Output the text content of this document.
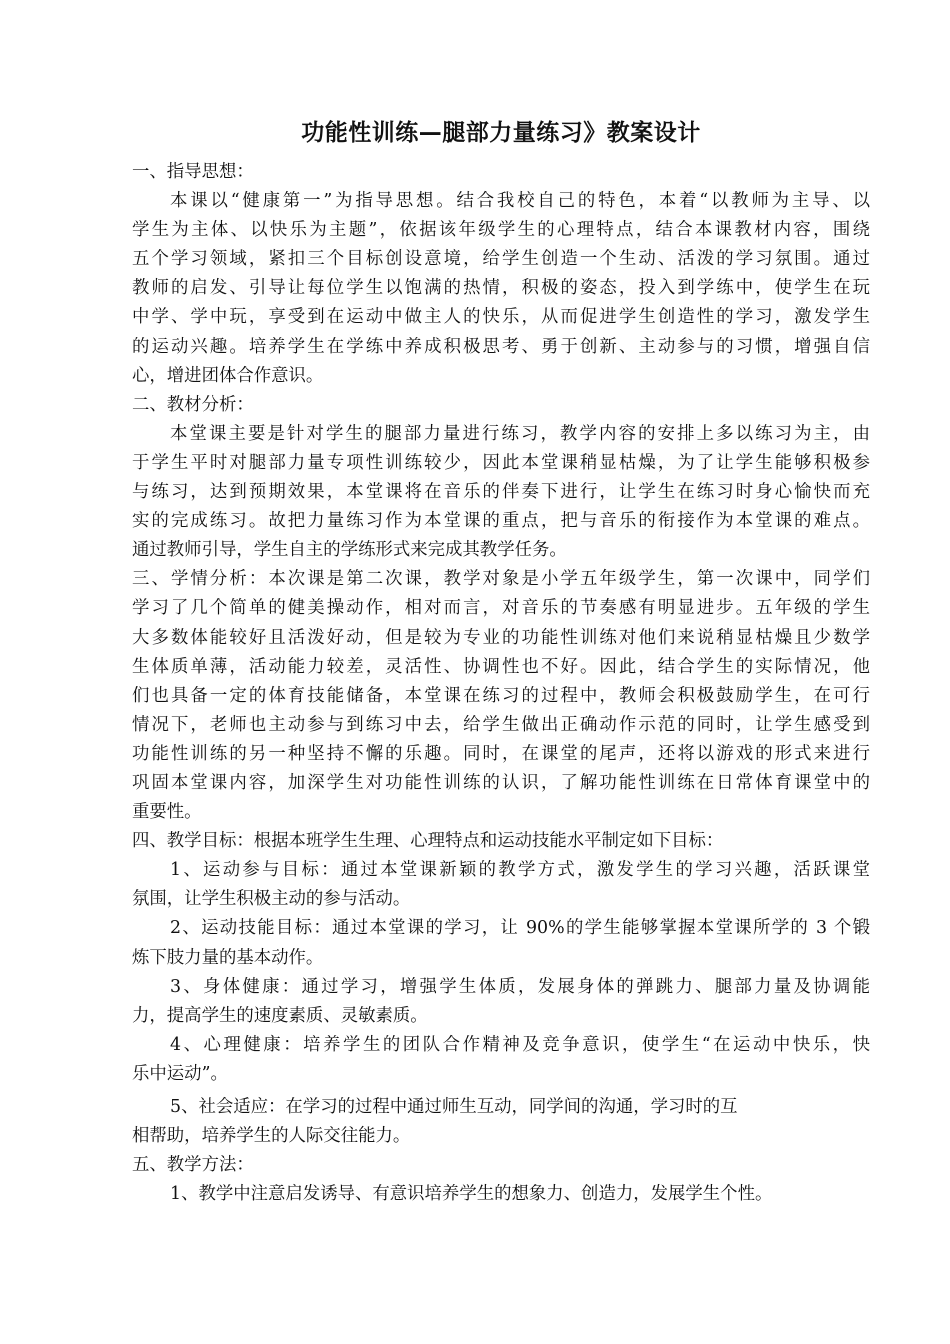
功能性训练—腿部力量练习》教案设计

一、指导思想：

本课以“健康第一”为指导思想。结合我校自己的特色，本着“以教师为主导、以

学生为主体、以快乐为主题”，依据该年级学生的心理特点，结合本课教材内容，围绕

五个学习领域，紧扣三个目标创设意境，给学生创造一个生动、活泼的学习氛围。通过

教师的启发、引导让每位学生以饱满的热情，积极的姿态，投入到学练中，使学生在玩

中学、学中玩，享受到在运动中做主人的快乐，从而促进学生创造性的学习，激发学生

的运动兴趣。培养学生在学练中养成积极思考、勇于创新、主动参与的习惯，增强自信

心，增进团体合作意识。

二、教材分析：

本堂课主要是针对学生的腿部力量进行练习，教学内容的安排上多以练习为主，由

于学生平时对腿部力量专项性训练较少，因此本堂课稍显枯燥，为了让学生能够积极参

与练习，达到预期效果，本堂课将在音乐的伴奏下进行，让学生在练习时身心愉快而充

实的完成练习。故把力量练习作为本堂课的重点，把与音乐的衔接作为本堂课的难点。

通过教师引导，学生自主的学练形式来完成其教学任务。

三、学情分析：本次课是第二次课，教学对象是小学五年级学生，第一次课中，同学们

学习了几个简单的健美操动作，相对而言，对音乐的节奏感有明显进步。五年级的学生

大多数体能较好且活泼好动，但是较为专业的功能性训练对他们来说稍显枯燥且少数学

生体质单薄，活动能力较差，灵活性、协调性也不好。因此，结合学生的实际情况，他

们也具备一定的体育技能储备，本堂课在练习的过程中，教师会积极鼓励学生，在可行

情况下，老师也主动参与到练习中去，给学生做出正确动作示范的同时，让学生感受到

功能性训练的另一种坚持不懈的乐趣。同时，在课堂的尾声，还将以游戏的形式来进行

巩固本堂课内容，加深学生对功能性训练的认识，了解功能性训练在日常体育课堂中的

重要性。

四、教学目标：根据本班学生生理、心理特点和运动技能水平制定如下目标：

1、运动参与目标：通过本堂课新颖的教学方式，激发学生的学习兴趣，活跃课堂

氛围，让学生积极主动的参与活动。

2、运动技能目标：通过本堂课的学习，让 90%的学生能够掌握本堂课所学的 3 个锻

炼下肢力量的基本动作。

3、身体健康：通过学习，增强学生体质，发展身体的弹跳力、腿部力量及协调能

力，提高学生的速度素质、灵敏素质。

4、心理健康：培养学生的团队合作精神及竞争意识，使学生“在运动中快乐，快

乐中运动”。

5、社会适应：在学习的过程中通过师生互动，同学间的沟通，学习时的互

相帮助，培养学生的人际交往能力。

五、教学方法：

1、教学中注意启发诱导、有意识培养学生的想象力、创造力，发展学生个性。
